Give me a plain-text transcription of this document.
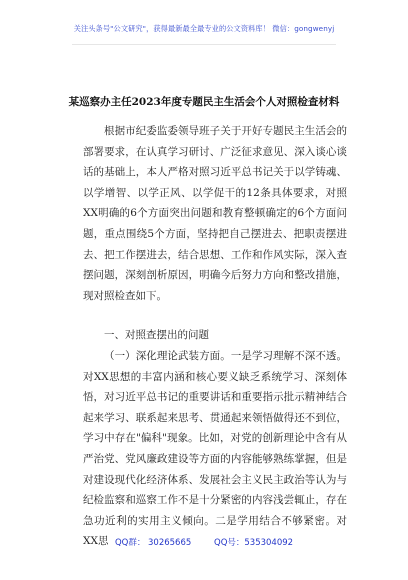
关注头条号"公文研究"，获得最新最全最专业的公文资料库！ 微信：gongwenyj
某巡察办主任2023年度专题民主生活会个人对照检查材料

根据市纪委监委领导班子关于开好专题民主生活会的部署要求，在认真学习研讨、广泛征求意见、深入谈心谈话的基础上，本人严格对照习近平总书记关于以学铸魂、以学增智、以学正风、以学促干的12条具体要求，对照XX明确的6个方面突出问题和教育整顿确定的6个方面问题，重点围绕5个方面，坚持把自己摆进去、把职责摆进去、把工作摆进去，结合思想、工作和作风实际，深入查摆问题，深刻剖析原因，明确今后努力方向和整改措施，现对照检查如下。

一、对照查摆出的问题

（一）深化理论武装方面。一是学习理解不深不透。对XX思想的丰富内涵和核心要义缺乏系统学习、深刻体悟，对习近平总书记的重要讲话和重要指示批示精神结合起来学习、联系起来思考、贯通起来领悟做得还不到位，学习中存在"偏科"现象。比如，对党的创新理论中含有从严治党、党风廉政建设等方面的内容能够熟练掌握，但是对建设现代化经济体系、发展社会主义民主政治等认为与纪检监察和巡察工作不是十分紧密的内容浅尝辄止，存在急功近利的实用主义倾向。二是学用结合不够紧密。对XX思 QQ群： 30265665	QQ号：535304092
